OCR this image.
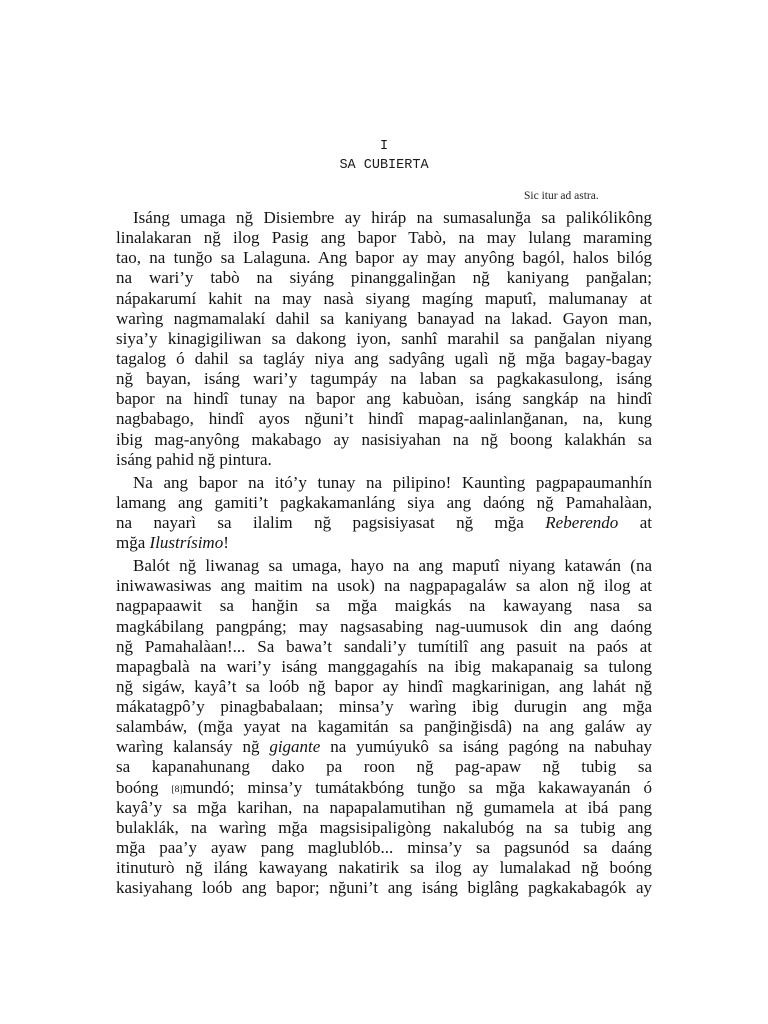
I
SA CUBIERTA
Sic itur ad astra.
Isáng umaga nğ Disiembre ay hiráp na sumasalunğa sa palikólikông
linalakaran nğ ilog Pasig ang bapor Tabò, na may lulang maraming
tao, na tunğo sa Lalaguna. Ang bapor ay may anyông bagól, halos bilóg
na wari’y tabò na siyáng pinanggalinğan nğ kaniyang panğalan;
nápakarumí kahit na may nasà siyang magíng maputî, malumanay at
warìng nagmamalakí dahil sa kaniyang banayad na lakad. Gayon man,
siya’y kinagigiliwan sa dakong iyon, sanhî marahil sa panğalan niyang
tagalog ó dahil sa tagláy niya ang sadyâng ugalì nğ mğa bagay-bagay
nğ bayan, isáng wari’y tagumpáy na laban sa pagkakasulong, isáng
bapor na hindî tunay na bapor ang kabuòan, isáng sangkáp na hindî
nagbabago, hindî ayos nğuni’t hindî mapag-aalinlanğanan, na, kung
ibig mag-anyông makabago ay nasisiyahan na nğ boong kalakhán sa
isáng pahid nğ pintura.
Na ang bapor na itó’y tunay na pilipino! Kauntìng pagpapaumanhín
lamang ang gamiti’t pagkakamanláng siya ang daóng nğ Pamahalàan,
na nayarì sa ilalim nğ pagsisiyasat nğ mğa Reberendo at
mğa Ilustrísimo!
Balót nğ liwanag sa umaga, hayo na ang maputî niyang katawán (na
iniwawasiwas ang maitim na usok) na nagpapagaláw sa alon nğ ilog at
nagpapaawit sa hanğin sa mğa maigkás na kawayang nasa sa
magkábilang pangpáng; may nagsasabing nag-uumusok din ang daóng
nğ Pamahalàan!... Sa bawa’t sandali’y tumítilî ang pasuit na paós at
mapagbalà na wari’y isáng manggagahís na ibig makapanaig sa tulong
nğ sigáw, kayâ’t sa loób nğ bapor ay hindî magkarinigan, ang lahát nğ
mákatagpô’y pinagbabalaan; minsa’y warìng ibig durugin ang mğa
salambáw, (mğa yayat na kagamitán sa panğinğisdâ) na ang galáw ay
warìng kalansáy nğ gigante na yumúyukô sa isáng pagóng na nabuhay
sa kapanahunang dako pa roon nğ pag-apaw nğ tubig sa
boóng [8]mundó; minsa’y tumátakbóng tunğo sa mğa kakawayanán ó
kayâ’y sa mğa karihan, na napapalamutihan nğ gumamela at ibá pang
bulaklák, na warìng mğa magsisipaligòng nakalubóg na sa tubig ang
mğa paa’y ayaw pang maglublób... minsa’y sa pagsunód sa daáng
itinuturò nğ iláng kawayang nakatirik sa ilog ay lumalakad nğ boóng
kasiyahang loób ang bapor; nğuni’t ang isáng biglâng pagkakabagók ay
